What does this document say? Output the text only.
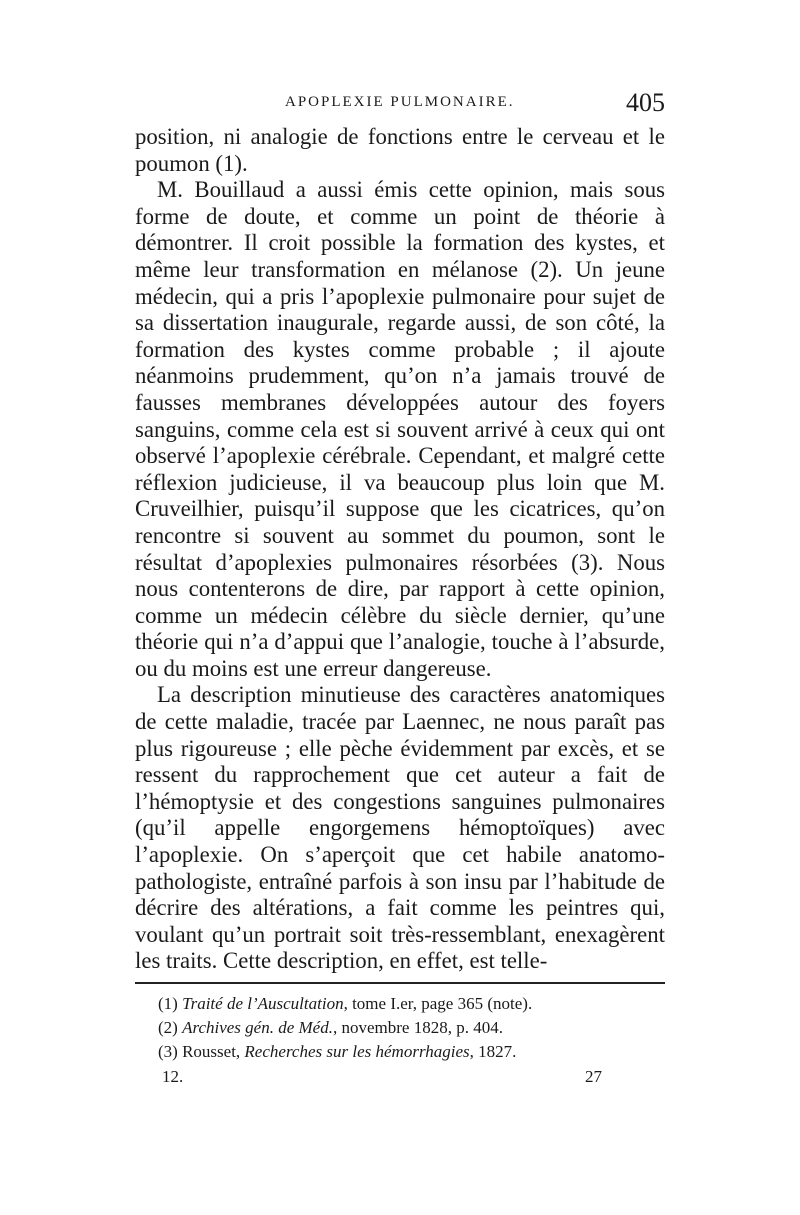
APOPLEXIE PULMONAIRE.	405

position, ni analogie de fonctions entre le cerveau et le poumon (1).

M. Bouillaud a aussi émis cette opinion, mais sous forme de doute, et comme un point de théorie à démontrer. Il croit possible la formation des kystes, et même leur transformation en mélanose (2). Un jeune médecin, qui a pris l’apoplexie pulmonaire pour sujet de sa dissertation inaugurale, regarde aussi, de son côté, la formation des kystes comme probable ; il ajoute néanmoins prudemment, qu’on n’a jamais trouvé de fausses membranes développées autour des foyers sanguins, comme cela est si souvent arrivé à ceux qui ont observé l’apoplexie cérébrale. Cependant, et malgré cette réflexion judicieuse, il va beaucoup plus loin que M. Cruveilhier, puisqu’il suppose que les cicatrices, qu’on rencontre si souvent au sommet du poumon, sont le résultat d’apoplexies pulmonaires résorbées (3). Nous nous contenterons de dire, par rapport à cette opinion, comme un médecin célèbre du siècle dernier, qu’une théorie qui n’a d’appui que l’analogie, touche à l’absurde, ou du moins est une erreur dangereuse.

La description minutieuse des caractères anatomiques de cette maladie, tracée par Laennec, ne nous paraît pas plus rigoureuse ; elle pèche évidemment par excès, et se ressent du rapprochement que cet auteur a fait de l’hémoptysie et des congestions sanguines pulmonaires (qu’il appelle engorgemens hémoptoïques) avec l’apoplexie. On s’aperçoit que cet habile anatomo-pathologiste, entraîné parfois à son insu par l’habitude de décrire des altérations, a fait comme les peintres qui, voulant qu’un portrait soit très-ressemblant, enexagèrent les traits. Cette description, en effet, est telle-

(1) Traité de l’Auscultation, tome I.er, page 365 (note).
(2) Archives gén. de Méd., novembre 1828, p. 404.
(3) Rousset, Recherches sur les hémorrhagies, 1827.
12.	27
